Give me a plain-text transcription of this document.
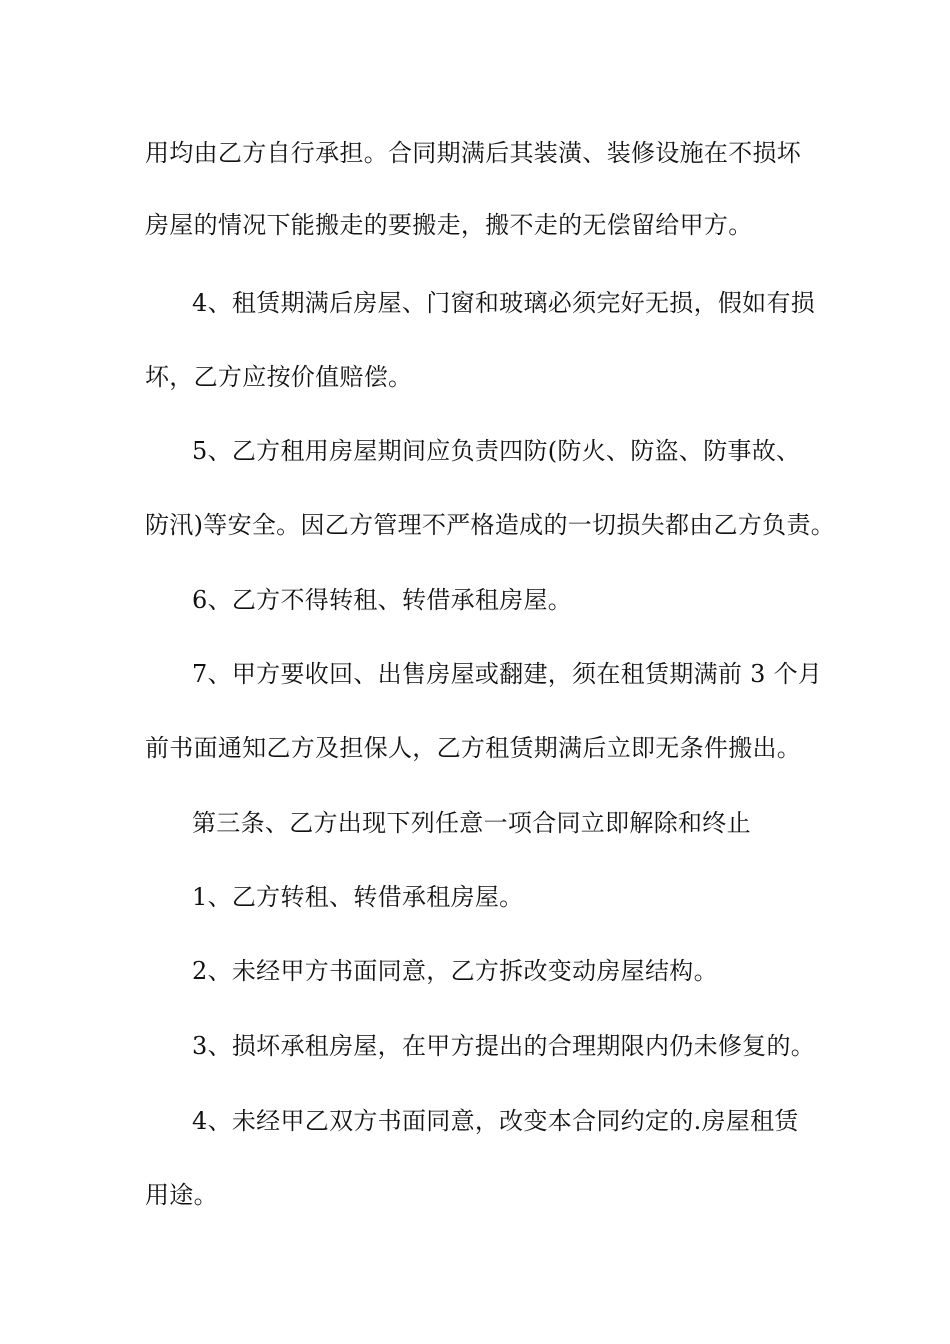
用均由乙方自行承担。合同期满后其装潢、装修设施在不损坏
房屋的情况下能搬走的要搬走，搬不走的无偿留给甲方。
4、租赁期满后房屋、门窗和玻璃必须完好无损，假如有损
坏，乙方应按价值赔偿。
5、乙方租用房屋期间应负责四防(防火、防盗、防事故、
防汛)等安全。因乙方管理不严格造成的一切损失都由乙方负责。
6、乙方不得转租、转借承租房屋。
7、甲方要收回、出售房屋或翻建，须在租赁期满前 3 个月
前书面通知乙方及担保人，乙方租赁期满后立即无条件搬出。
第三条、乙方出现下列任意一项合同立即解除和终止
1、乙方转租、转借承租房屋。
2、未经甲方书面同意，乙方拆改变动房屋结构。
3、损坏承租房屋，在甲方提出的合理期限内仍未修复的。
4、未经甲乙双方书面同意，改变本合同约定的.房屋租赁
用途。
